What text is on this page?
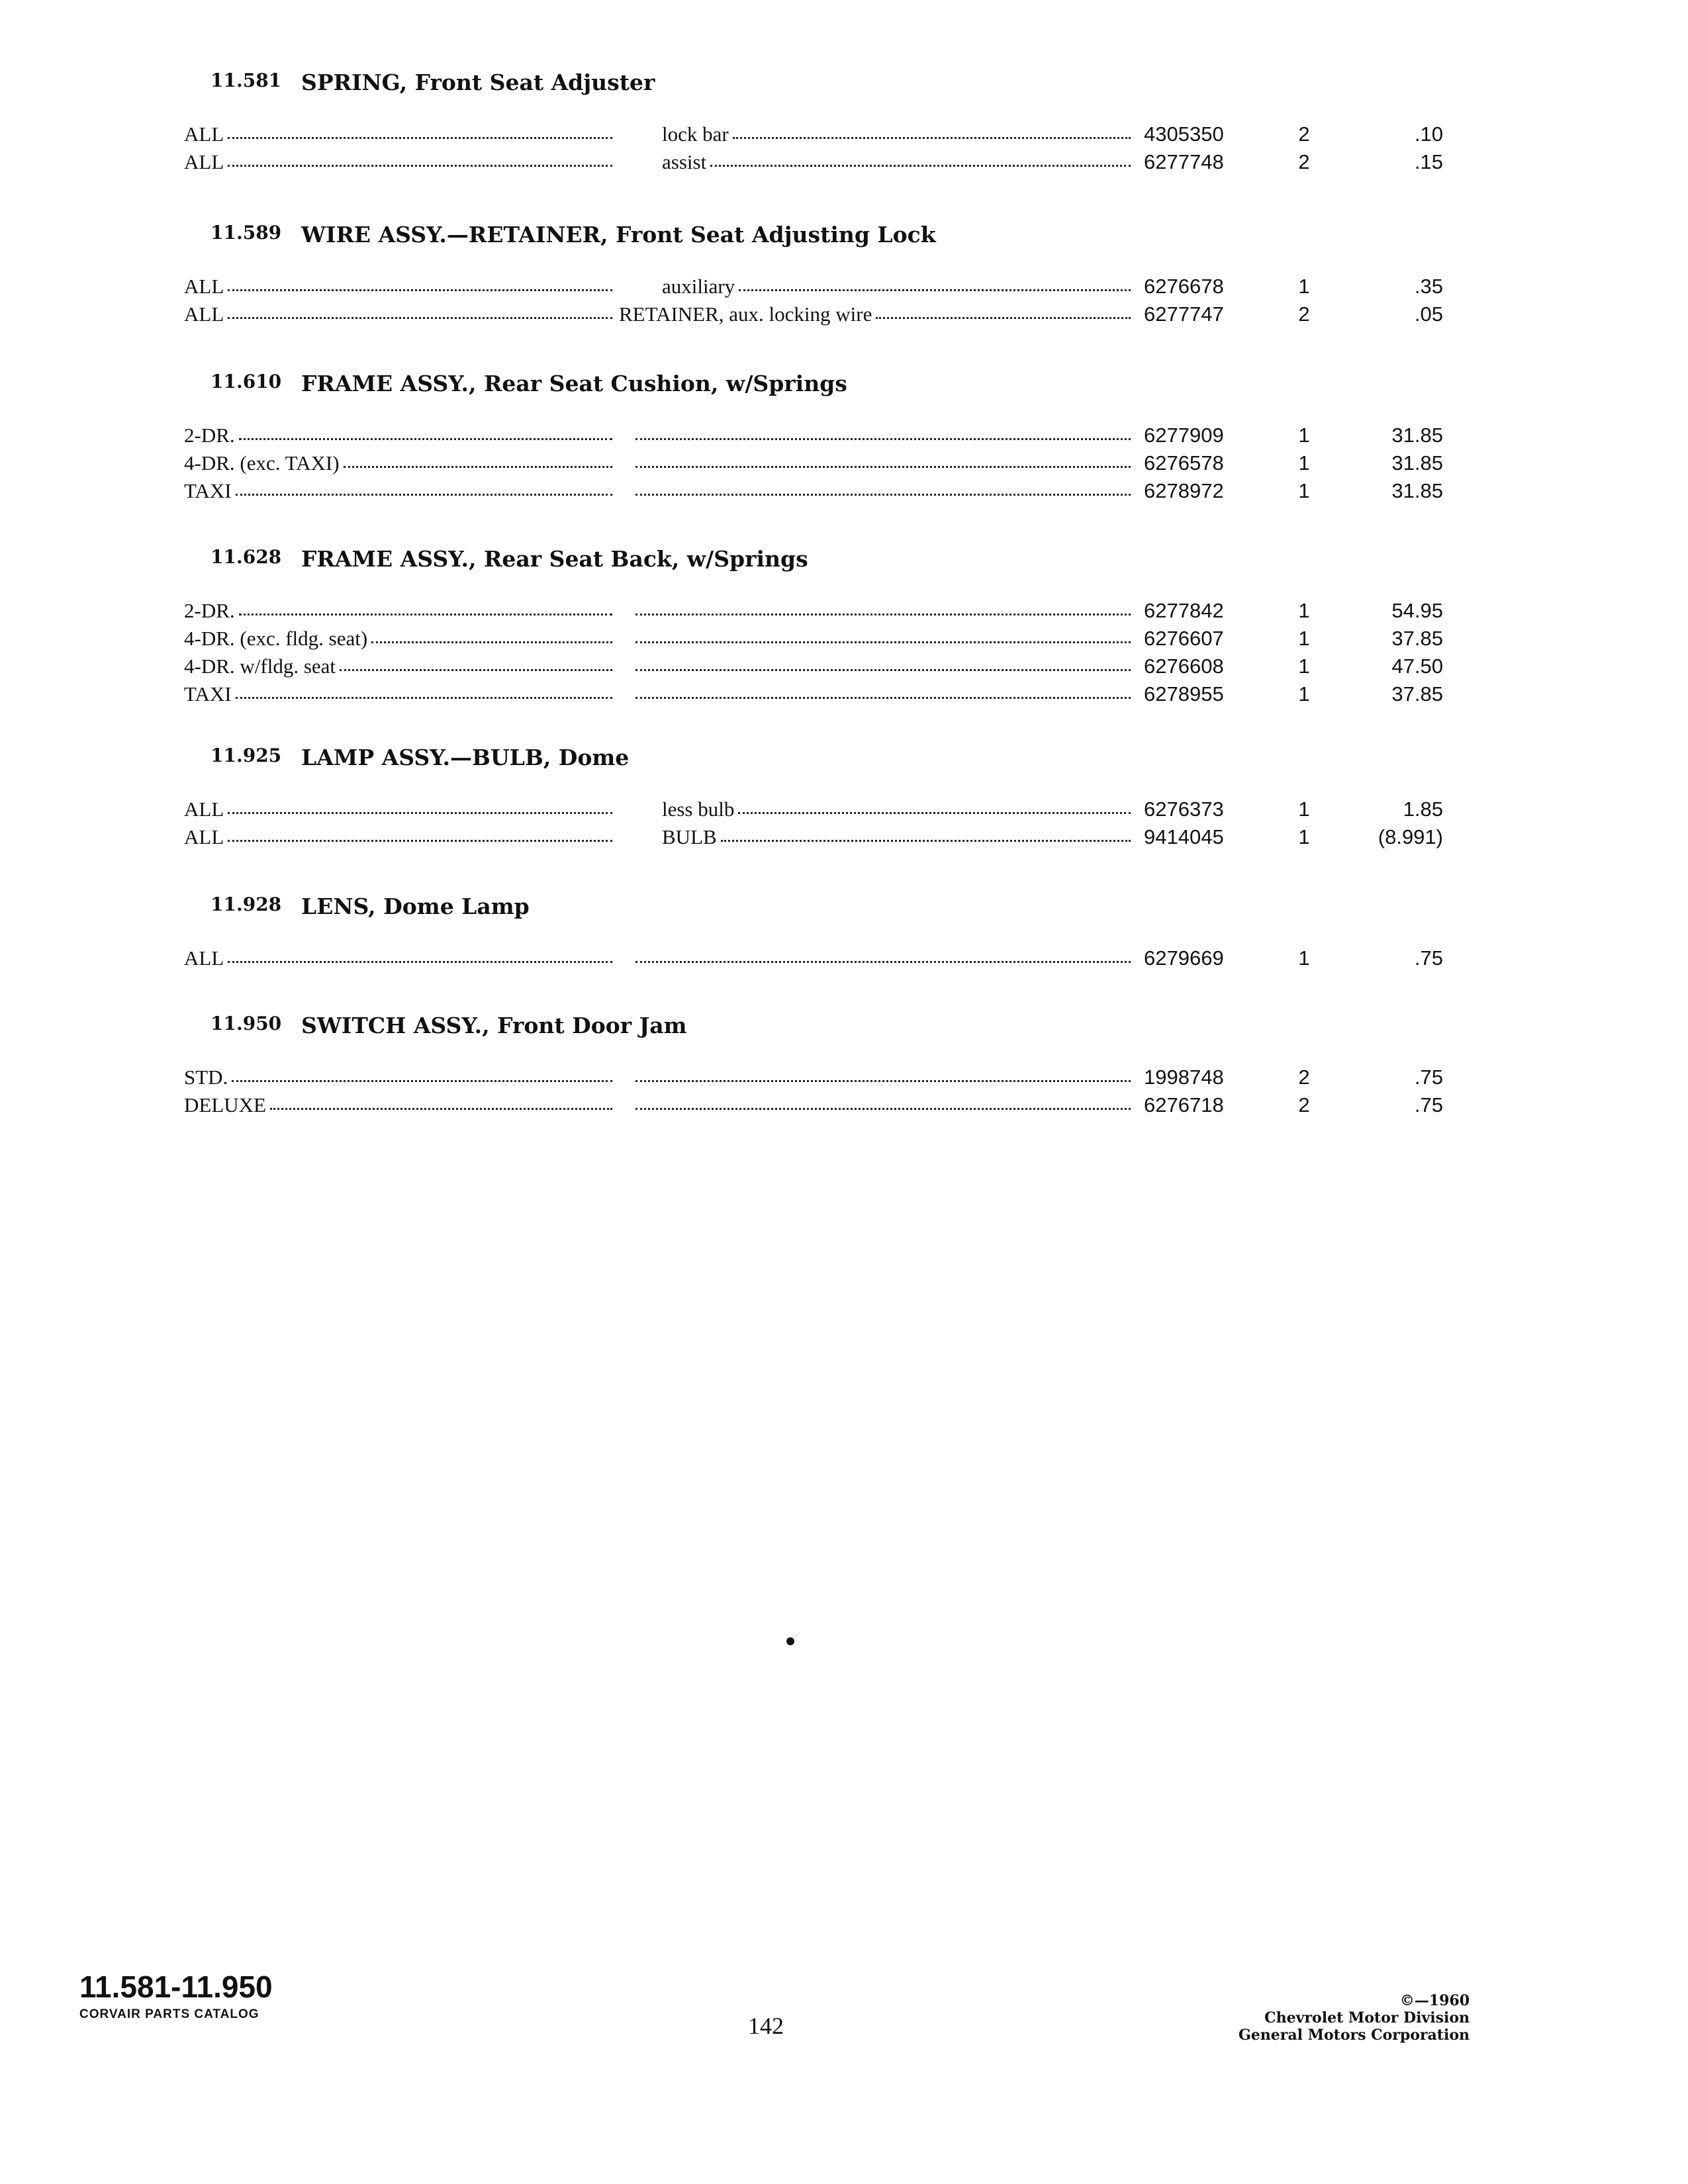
11.581 SPRING, Front Seat Adjuster
ALL	lock bar	4305350	2	.10
ALL	assist	6277748	2	.15
11.589 WIRE ASSY.—RETAINER, Front Seat Adjusting Lock
ALL	auxiliary	6276678	1	.35
ALL	RETAINER, aux. locking wire	6277747	2	.05
11.610 FRAME ASSY., Rear Seat Cushion, w/Springs
2-DR.	6277909	1	31.85
4-DR. (exc. TAXI)	6276578	1	31.85
TAXI	6278972	1	31.85
11.628 FRAME ASSY., Rear Seat Back, w/Springs
2-DR.	6277842	1	54.95
4-DR. (exc. fldg. seat)	6276607	1	37.85
4-DR. w/fldg. seat	6276608	1	47.50
TAXI	6278955	1	37.85
11.925 LAMP ASSY.—BULB, Dome
ALL	less bulb	6276373	1	1.85
ALL	BULB	9414045	1	(8.991)
11.928 LENS, Dome Lamp
ALL	6279669	1	.75
11.950 SWITCH ASSY., Front Door Jam
STD.	1998748	2	.75
DELUXE	6276718	2	.75
11.581-11.950
CORVAIR PARTS CATALOG	142
©—1960
Chevrolet Motor Division
General Motors Corporation
